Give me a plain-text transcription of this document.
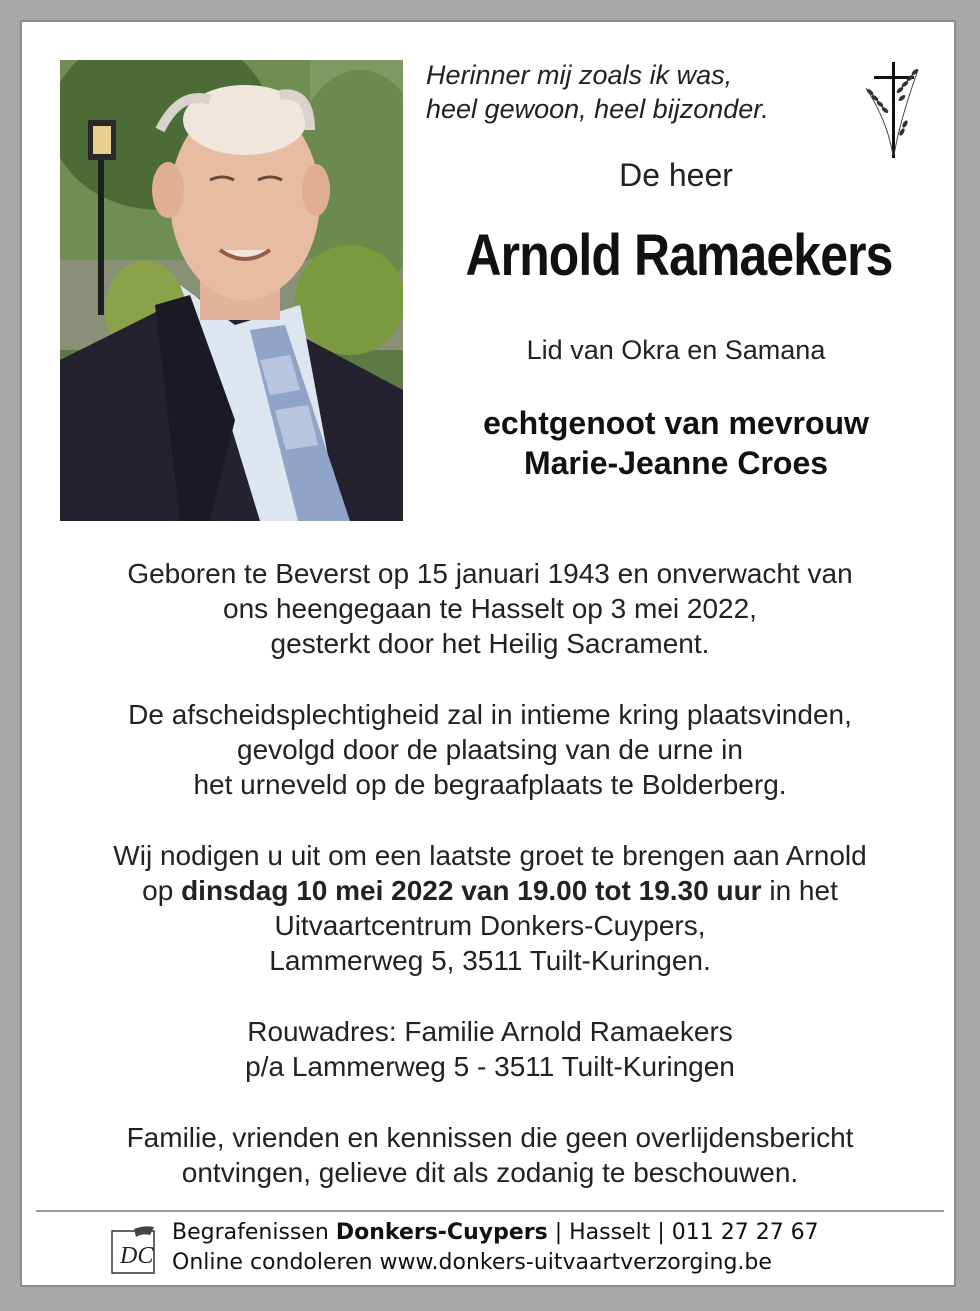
Herinner mij zoals ik was,
heel gewoon, heel bijzonder.
De heer
Arnold Ramaekers
Lid van Okra en Samana
echtgenoot van mevrouw
Marie-Jeanne Croes

Geboren te Beverst op 15 januari 1943 en onverwacht van
ons heengegaan te Hasselt op 3 mei 2022,
gesterkt door het Heilig Sacrament.

De afscheidsplechtigheid zal in intieme kring plaatsvinden,
gevolgd door de plaatsing van de urne in
het urneveld op de begraafplaats te Bolderberg.

Wij nodigen u uit om een laatste groet te brengen aan Arnold
op dinsdag 10 mei 2022 van 19.00 tot 19.30 uur in het
Uitvaartcentrum Donkers-Cuypers,
Lammerweg 5, 3511 Tuilt-Kuringen.

Rouwadres: Familie Arnold Ramaekers
p/a Lammerweg 5 - 3511 Tuilt-Kuringen

Familie, vrienden en kennissen die geen overlijdensbericht
ontvingen, gelieve dit als zodanig te beschouwen.

DC
Begrafenissen Donkers-Cuypers | Hasselt | 011 27 27 67
Online condoleren www.donkers-uitvaartverzorging.be
